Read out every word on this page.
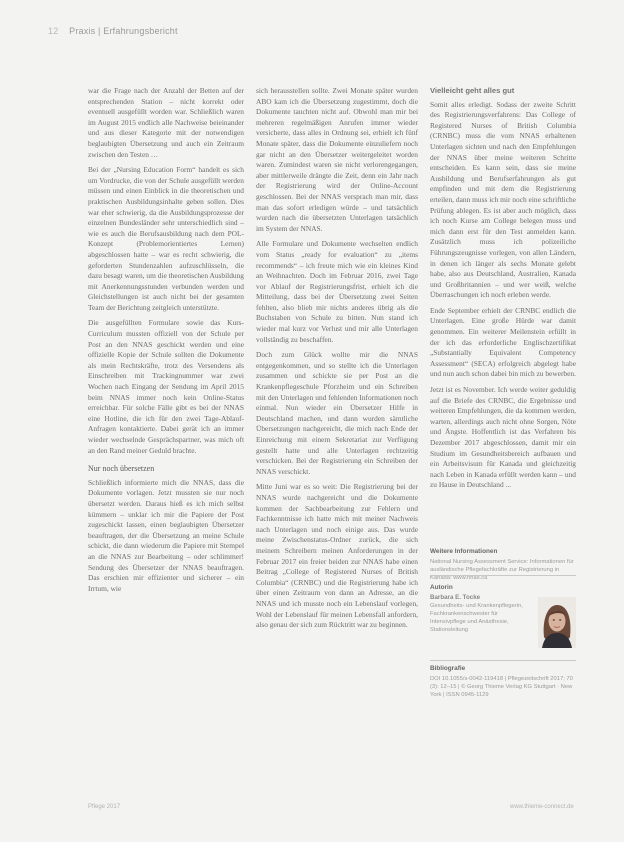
12 Praxis | Erfahrungsbericht

war die Frage nach der Anzahl der Betten auf der entsprechenden Station – nicht korrekt oder eventuell ausgefüllt worden war. Schließlich waren im August 2015 endlich alle Nachweise beieinander und aus dieser Kategorie mit der notwendigen beglaubigten Übersetzung und auch ein Zeitraum zwischen den Testen …

Bei der „Nursing Education Form“ handelt es sich um Vordrucke, die von der Schule ausgefüllt werden müssen und einen Einblick in die theoretischen und praktischen Ausbildungsinhalte geben sollen. Dies war eher schwierig, da die Ausbildungsprozesse der einzelnen Bundesländer sehr unterschiedlich sind – wie es auch die Berufsausbildung nach dem POL-Konzept (Problemorientiertes Lernen) abgeschlossen hatte – war es recht schwierig, die geforderten Stundenzahlen aufzuschlüsseln, die dazu besagt waren, um die theoretischen Ausbildung mit Anerkennungsstunden verbunden werden und Gleichstellungen ist auch nicht bei der gesamten Team der Berichtung zeitgleich unterstützte.

Die ausgefüllten Formulare sowie das Kurs-Curriculum mussten offiziell von der Schule per Post an den NNAS geschickt werden und eine offizielle Kopie der Schule sollten die Dokumente als mein Rechtskräfte, trotz des Versendens als Einschreiben mit Trackingnummer war zwei Wochen nach Eingang der Sendung im April 2015 beim NNAS immer noch kein Online-Status erreichbar. Für solche Fälle gibt es bei der NNAS eine Hotline, die ich für den zwei Tage-Ablauf-Anfragen kontaktierte. Dabei gerät ich an immer wieder wechselnde Gesprächspartner, was mich oft an den Rand meiner Geduld brachte.

Nur noch übersetzen

Schließlich informierte mich die NNAS, dass die Dokumente vorlagen. Jetzt mussten sie nur noch übersetzt werden. Daraus hieß es ich mich selbst kümmern – unklar ich mir die Papiere der Post zugeschickt lassen, einen beglaubigten Übersetzer beauftragen, der die Übersetzung an meine Schule schickt, die dann wiederum die Papiere mit Stempel an die NNAS zur Bearbeitung – oder schlimmer! Sendung des Übersetzer der NNAS beauftragen. Das erschien mir effizienter und sicherer – ein Irrtum, wie

sich herausstellen sollte. Zwei Monate später wurden ABO kam ich die Übersetzung zugestimmt, doch die Dokumente tauchten nicht auf. Obwohl man mir bei mehreren regelmäßigen Anrufen immer wieder versicherte, dass alles in Ordnung sei, erhielt ich fünf Monate später, dass die Dokumente einzuliefern noch gar nicht an den Übersetzer weitergeleitet worden waren. Zumindest waren sie nicht verlorengegangen, aber mittlerweile drängte die Zeit, denn ein Jahr nach der Registrierung wird der Online-Account geschlossen. Bei der NNAS versprach man mir, dass man das sofort erledigen würde – und tatsächlich wurden nach die übersetzten Unterlagen tatsächlich im System der NNAS.

Alle Formulare und Dokumente wechselten endlich vom Status „ready for evaluation“ zu „items recommends“ – ich freute mich wie ein kleines Kind an Weihnachten. Doch im Februar 2016, zwei Tage vor Ablauf der Registrierungsfrist, erhielt ich die Mitteilung, dass bei der Übersetzung zwei Seiten fehlten, also blieb mir nichts anderes übrig als die Buchstaben von Schule zu bitten. Nun stand ich wieder mal kurz vor Verlust und mir alle Unterlagen vollständig zu beschaffen.

Doch zum Glück wollte mir die NNAS entgegenkommen, und so stellte ich die Unterlagen zusammen und schickte sie per Post an die Krankenpflegeschule Pforzheim und ein Schreiben mit den Unterlagen und fehlenden Informationen noch einmal. Nun wieder ein Übersetzer Hilfe in Deutschland machen, und dann wurden sämtliche Übersetzungen nachgereicht, die mich nach Ende der Einreichung mit einem Sekretariat zur Verfügung gestellt hatte und alle Unterlagen rechtzeitig verschicken. Bei der Registrierung ein Schreiben der NNAS verschickt.

Mitte Juni war es so weit: Die Registrierung bei der NNAS wurde nachgereicht und die Dokumente kommen der Sachbearbeitung zur Fehlern und Fachkenntnisse ich hatte mich mit meiner Nachweis nach Unterlagen und noch einige aus. Das wurde meine Zwischenstatus-Ordner zurück, die sich meinem Schreibern meinen Anforderungen in der Februar 2017 ein freier beiden zur NNAS habe einen Beitrag „College of Registered Nurses of British Columbia“ (CRNBC) und die Registrierung habe ich über einen Zeitraum von dann an Adresse, an die NNAS und ich musste noch ein Lebenslauf vorlegen, Wohl der Lebenslauf für meinen Lebensfall anfordern, also genau der sich zum Rücktritt war zu beginnen.

Vielleicht geht alles gut

Somit alles erledigt. Sodass der zweite Schritt des Registrierungsverfahrens: Das College of Registered Nurses of British Columbia (CRNBC) muss die vom NNAS erhaltenen Unterlagen sichten und nach den Empfehlungen der NNAS über meine weiteren Schritte entscheiden. Es kann sein, dass sie meine Ausbildung und Berufserfahrungen als gut empfinden und mit dem die Registrierung erteilen, dann muss ich mir noch eine schriftliche Prüfung ablegen. Es ist aber auch möglich, dass ich noch Kurse am College belegen muss und mich dann erst für den Test anmelden kann. Zusätzlich muss ich polizeiliche Führungszeugnisse vorlegen, von allen Ländern, in denen ich länger als sechs Monate gelebt habe, also aus Deutschland, Australien, Kanada und Großbritannien – und wer weiß, welche Überraschungen ich noch erleben werde.

Ende September erhielt der CRNBC endlich die Unterlagen. Eine große Hürde war damit genommen. Ein weiterer Meilenstein erfüllt in der ich das erforderliche Englischzertifikat „Substantially Equivalent Competency Assessment“ (SECA) erfolgreich abgelegt habe und nun auch schon dabei bin mich zu bewerben.

Jetzt ist es November. Ich werde weiter geduldig auf die Briefe des CRNBC, die Ergebnisse und weiteren Empfehlungen, die da kommen werden, warten, allerdings auch nicht ohne Sorgen, Nöte und Ängste. Hoffentlich ist das Verfahren bis Dezember 2017 abgeschlossen, damit mir ein Studium im Gesundheitsbereich aufbauen und ein Arbeitsvisum für Kanada und gleichzeitig nach Leben in Kanada erfüllt werden kann – und zu Hause in Deutschland ...

Weitere Informationen
National Nursing Assessment Service: Informationen für ausländische Pflegefachkräfte zur Registrierung in Kanada: www.nnas.ca
Autorin
Barbara E. Tocke
Gesundheits- und Krankenpflegerin, Fachkrankenschwester für Intensivpflege und Anästhesie, Stationsleitung
Bibliografie
DOI 10.1055/s-0042-119418 | Pflegezeitschrift 2017; 70 (3): 12–15 | © Georg Thieme Verlag KG Stuttgart · New York | ISSN 0945-1129
Pflege 2017	www.thieme-connect.de
